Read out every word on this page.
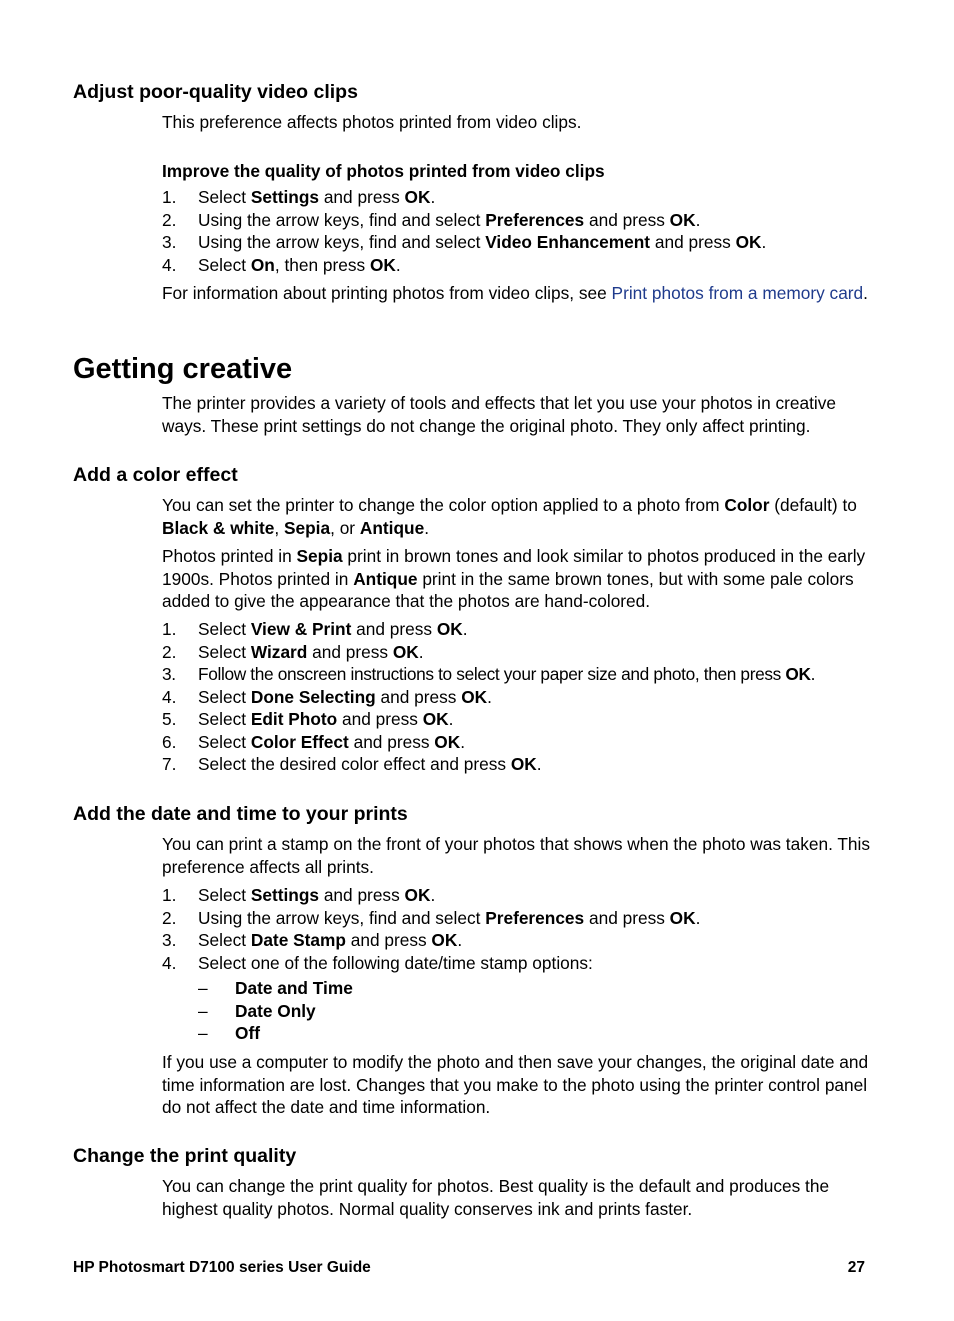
Adjust poor-quality video clips

This preference affects photos printed from video clips.

Improve the quality of photos printed from video clips

1. Select Settings and press OK.
2. Using the arrow keys, find and select Preferences and press OK.
3. Using the arrow keys, find and select Video Enhancement and press OK.
4. Select On, then press OK.

For information about printing photos from video clips, see Print photos from a memory card.

Getting creative

The printer provides a variety of tools and effects that let you use your photos in creative ways. These print settings do not change the original photo. They only affect printing.

Add a color effect

You can set the printer to change the color option applied to a photo from Color (default) to Black & white, Sepia, or Antique.

Photos printed in Sepia print in brown tones and look similar to photos produced in the early 1900s. Photos printed in Antique print in the same brown tones, but with some pale colors added to give the appearance that the photos are hand-colored.

1. Select View & Print and press OK.
2. Select Wizard and press OK.
3. Follow the onscreen instructions to select your paper size and photo, then press OK.
4. Select Done Selecting and press OK.
5. Select Edit Photo and press OK.
6. Select Color Effect and press OK.
7. Select the desired color effect and press OK.
Add the date and time to your prints

You can print a stamp on the front of your photos that shows when the photo was taken. This preference affects all prints.

1. Select Settings and press OK.
2. Using the arrow keys, find and select Preferences and press OK.
3. Select Date Stamp and press OK.
4. Select one of the following date/time stamp options:
– Date and Time
– Date Only
– Off

If you use a computer to modify the photo and then save your changes, the original date and time information are lost. Changes that you make to the photo using the printer control panel do not affect the date and time information.

Change the print quality

You can change the print quality for photos. Best quality is the default and produces the highest quality photos. Normal quality conserves ink and prints faster.

HP Photosmart D7100 series User Guide	27
